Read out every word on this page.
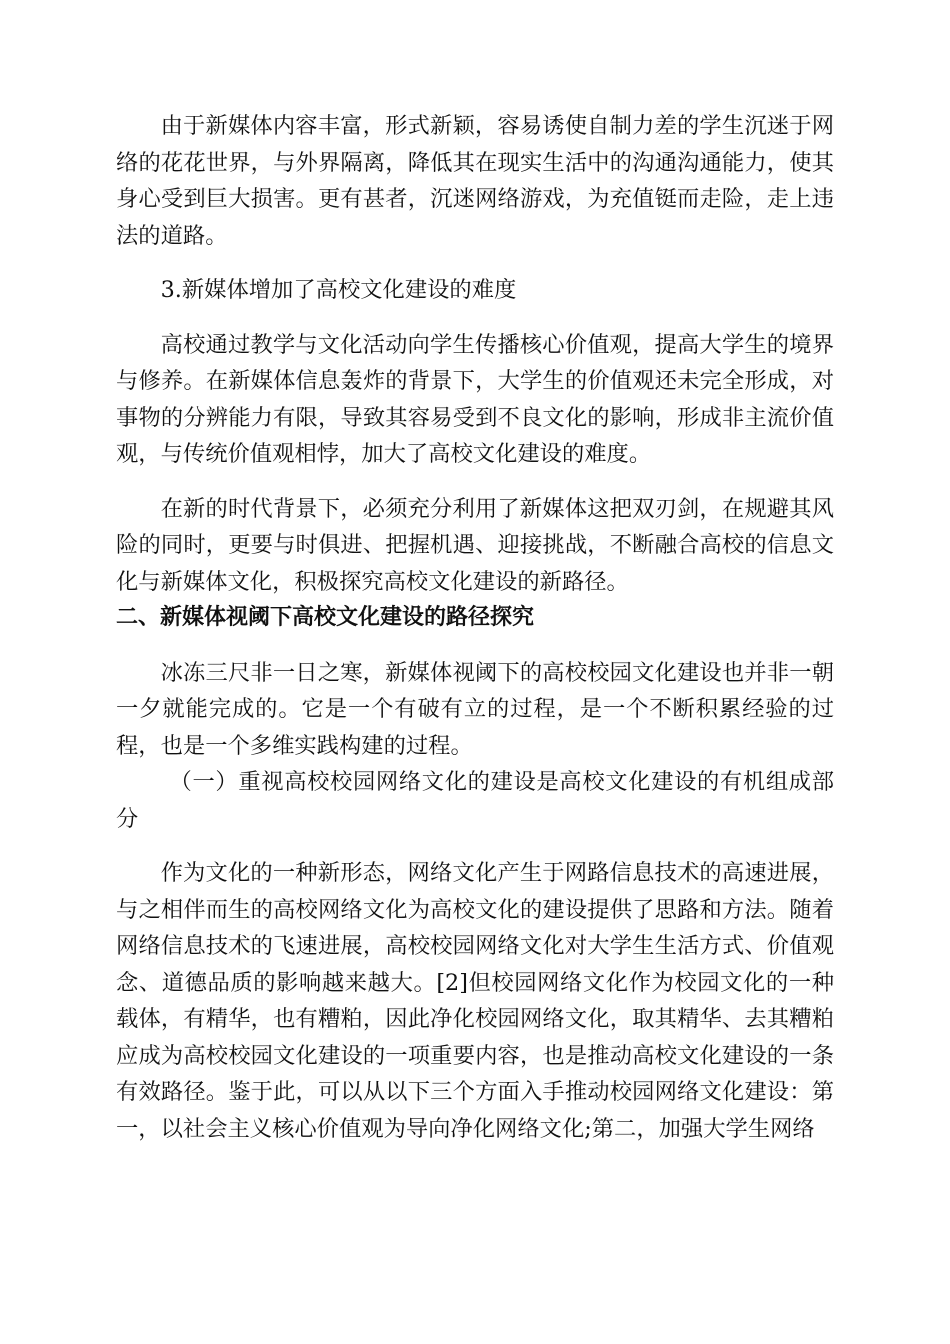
由于新媒体内容丰富，形式新颖，容易诱使自制力差的学生沉迷于网络的花花世界，与外界隔离，降低其在现实生活中的沟通沟通能力，使其身心受到巨大损害。更有甚者，沉迷网络游戏，为充值铤而走险，走上违法的道路。

3.新媒体增加了高校文化建设的难度

高校通过教学与文化活动向学生传播核心价值观，提高大学生的境界与修养。在新媒体信息轰炸的背景下，大学生的价值观还未完全形成，对事物的分辨能力有限，导致其容易受到不良文化的影响，形成非主流价值观，与传统价值观相悖，加大了高校文化建设的难度。

在新的时代背景下，必须充分利用了新媒体这把双刃剑，在规避其风险的同时，更要与时俱进、把握机遇、迎接挑战，不断融合高校的信息文化与新媒体文化，积极探究高校文化建设的新路径。

二、新媒体视阈下高校文化建设的路径探究

冰冻三尺非一日之寒，新媒体视阈下的高校校园文化建设也并非一朝一夕就能完成的。它是一个有破有立的过程，是一个不断积累经验的过程，也是一个多维实践构建的过程。

（一）重视高校校园网络文化的建设是高校文化建设的有机组成部分

作为文化的一种新形态，网络文化产生于网路信息技术的高速进展，与之相伴而生的高校网络文化为高校文化的建设提供了思路和方法。随着网络信息技术的飞速进展，高校校园网络文化对大学生生活方式、价值观念、道德品质的影响越来越大。[2]但校园网络文化作为校园文化的一种载体，有精华，也有糟粕，因此净化校园网络文化，取其精华、去其糟粕应成为高校校园文化建设的一项重要内容，也是推动高校文化建设的一条有效路径。鉴于此，可以从以下三个方面入手推动校园网络文化建设：第一，以社会主义核心价值观为导向净化网络文化;第二，加强大学生网络
